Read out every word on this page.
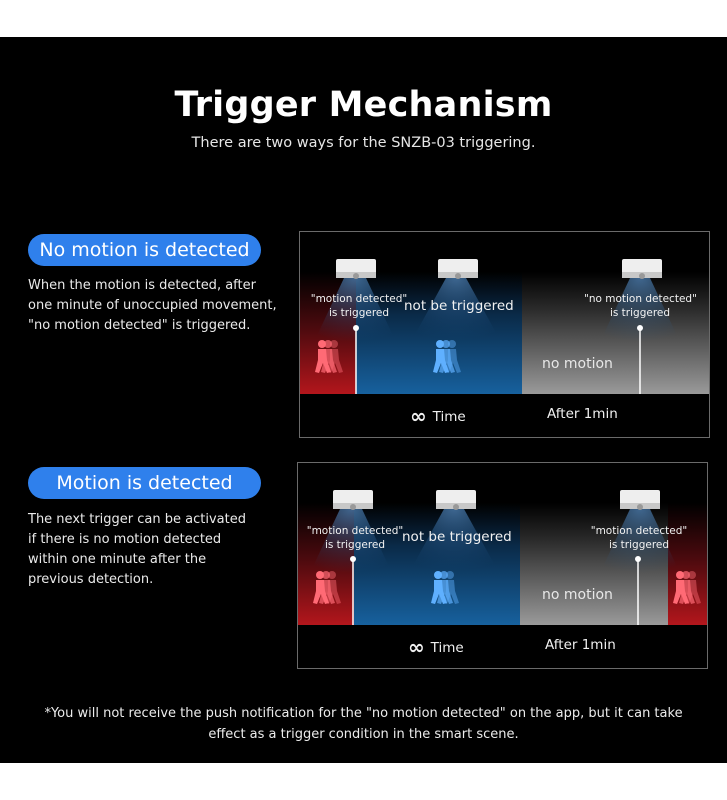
Trigger Mechanism
There are two ways for the SNZB-03 triggering.
No motion is detected
When the motion is detected, after one minute of unoccupied movement, "no motion detected" is triggered.
"motion detected"
is triggered	not be triggered	"no motion detected"
is triggered
no motion
∞ Time	After 1min
Motion is detected
The next trigger can be activated if there is no motion detected within one minute after the previous detection.
"motion detected"
is triggered	not be triggered	"motion detected"
is triggered
no motion
∞ Time	After 1min
*You will not receive the push notification for the "no motion detected" on the app, but it can take effect as a trigger condition in the smart scene.
